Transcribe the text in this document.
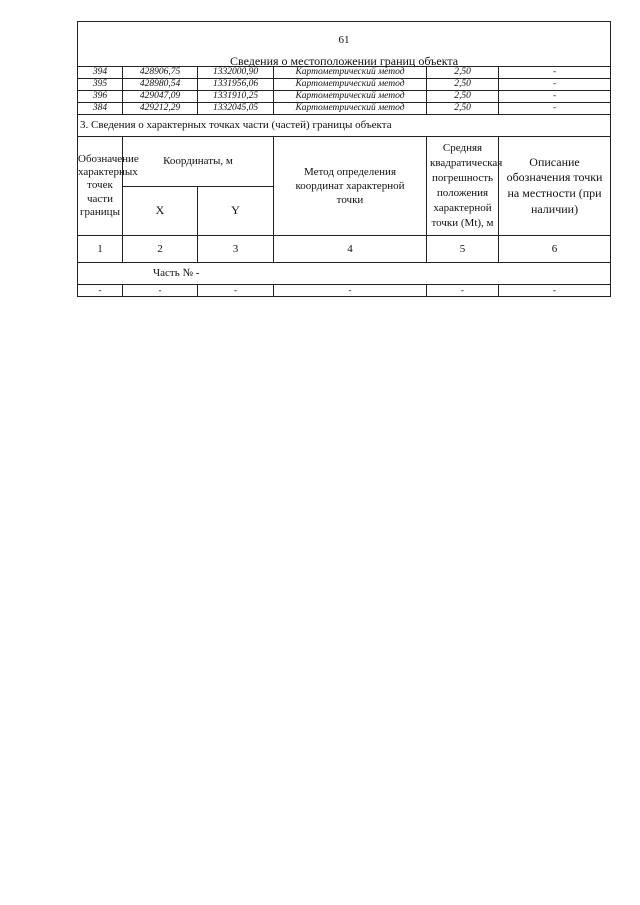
61
Сведения о местоположении границ объекта					

394	428906,75	1332000,90	Картометрический метод	2,50	-
395	428980,54	1331956,06	Картометрический метод	2,50	-
396	429047,09	1331910,25	Картометрический метод	2,50	-
384	429212,29	1332045,05	Картометрический метод	2,50	-
3. Сведения о характерных точках части (частей) границы объекта					
Обозначение характерных точек части границы	Координаты, м		Метод определения координат характерной точки	Средняя квадратическая погрешность положения характерной точки (Mt), м	Описание обозначения точки на местности (при наличии)
	X	Y			
1	2	3	4	5	6
Часть № -					
-	-	-	-	-	-
